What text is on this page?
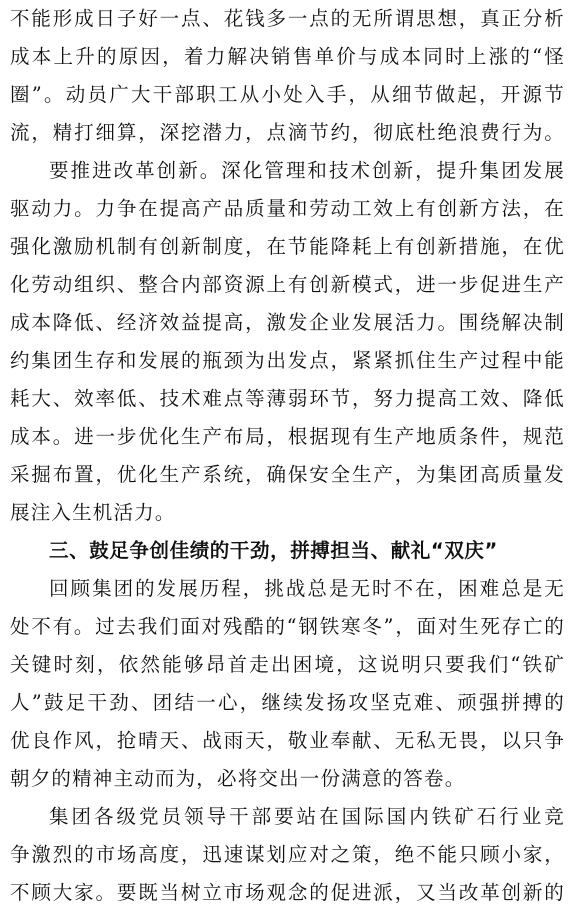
不能形成日子好一点、花钱多一点的无所谓思想，真正分析
成本上升的原因，着力解决销售单价与成本同时上涨的“怪
圈”。动员广大干部职工从小处入手，从细节做起，开源节
流，精打细算，深挖潜力，点滴节约，彻底杜绝浪费行为。
要推进改革创新。深化管理和技术创新，提升集团发展
驱动力。力争在提高产品质量和劳动工效上有创新方法，在
强化激励机制有创新制度，在节能降耗上有创新措施，在优
化劳动组织、整合内部资源上有创新模式，进一步促进生产
成本降低、经济效益提高，激发企业发展活力。围绕解决制
约集团生存和发展的瓶颈为出发点，紧紧抓住生产过程中能
耗大、效率低、技术难点等薄弱环节，努力提高工效、降低
成本。进一步优化生产布局，根据现有生产地质条件，规范
采掘布置，优化生产系统，确保安全生产，为集团高质量发
展注入生机活力。
三、鼓足争创佳绩的干劲，拼搏担当、献礼“双庆”
回顾集团的发展历程，挑战总是无时不在，困难总是无
处不有。过去我们面对残酷的“钢铁寒冬”，面对生死存亡的
关键时刻，依然能够昂首走出困境，这说明只要我们“铁矿
人”鼓足干劲、团结一心，继续发扬攻坚克难、顽强拼搏的
优良作风，抢晴天、战雨天，敬业奉献、无私无畏，以只争
朝夕的精神主动而为，必将交出一份满意的答卷。
集团各级党员领导干部要站在国际国内铁矿石行业竞
争激烈的市场高度，迅速谋划应对之策，绝不能只顾小家，
不顾大家。要既当树立市场观念的促进派，又当改革创新的
